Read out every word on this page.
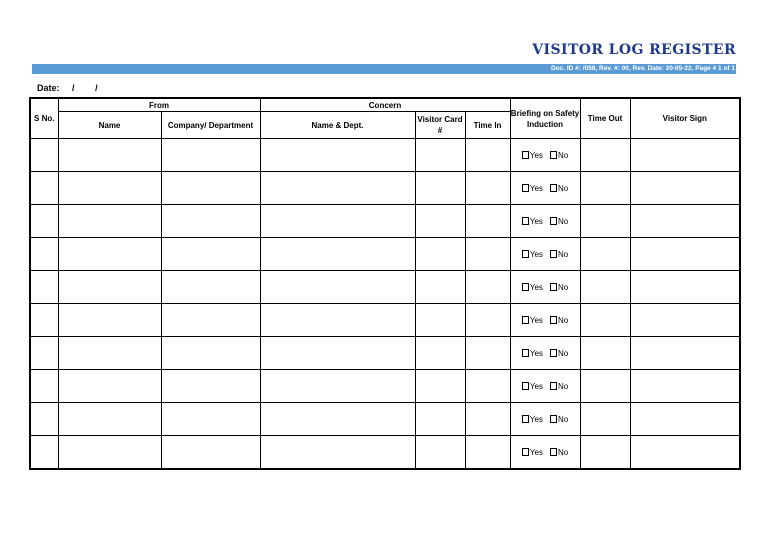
VISITOR LOG REGISTER
Doc. ID #: /058, Rev. #: 00, Rev. Date: 20-05-22, Page # 1 of 1
Date: / /
S No.	From		Concern			Briefing on Safety Induction	Time Out	Visitor Sign
	Name	Company/ Department	Name & Dept.	Visitor Card #	Time In			
						Yes No		
						Yes No		
						Yes No		
						Yes No		
						Yes No		
						Yes No		
						Yes No		
						Yes No		
						Yes No		
						Yes No		
